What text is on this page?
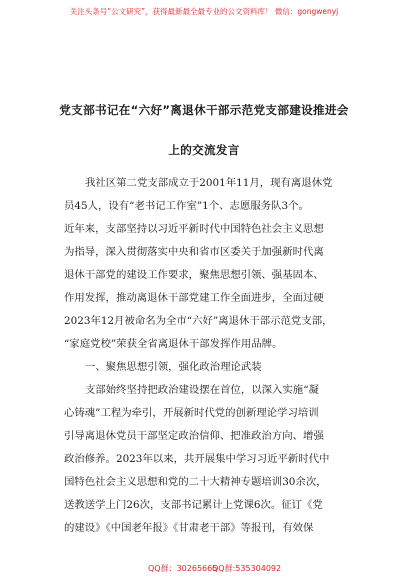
关注头条号“公文研究”，获得最新最全最专业的公文资料库！ 微信：gongwenyj
党支部书记在“六好”离退休干部示范党支部建设推进会
上的交流发言
我社区第二党支部成立于2001年11月，现有离退休党
员45人，设有“老书记工作室”1个、志愿服务队3个。
近年来，支部坚持以习近平新时代中国特色社会主义思想
为指导，深入贯彻落实中央和省市区委关于加强新时代离
退休干部党的建设工作要求，聚焦思想引领、强基固本、
作用发挥，推动离退休干部党建工作全面进步，全面过硬
2023年12月被命名为全市“六好”离退休干部示范党支部，
“家庭党校”荣获全省离退休干部发挥作用品牌。
一、聚焦思想引领，强化政治理论武装
支部始终坚持把政治建设摆在首位，以深入实施“凝
心铸魂”工程为牵引，开展新时代党的创新理论学习培训
引导离退休党员干部坚定政治信仰、把准政治方向、增强
政治修养。2023年以来，共开展集中学习习近平新时代中
国特色社会主义思想和党的二十大精神专题培训30余次，
送教送学上门26次，支部书记累计上党课6次。征订《党
的建设》《中国老年报》《甘肃老干部》等报刊，有效保
QQ群：30265665
QQ群:535304092
